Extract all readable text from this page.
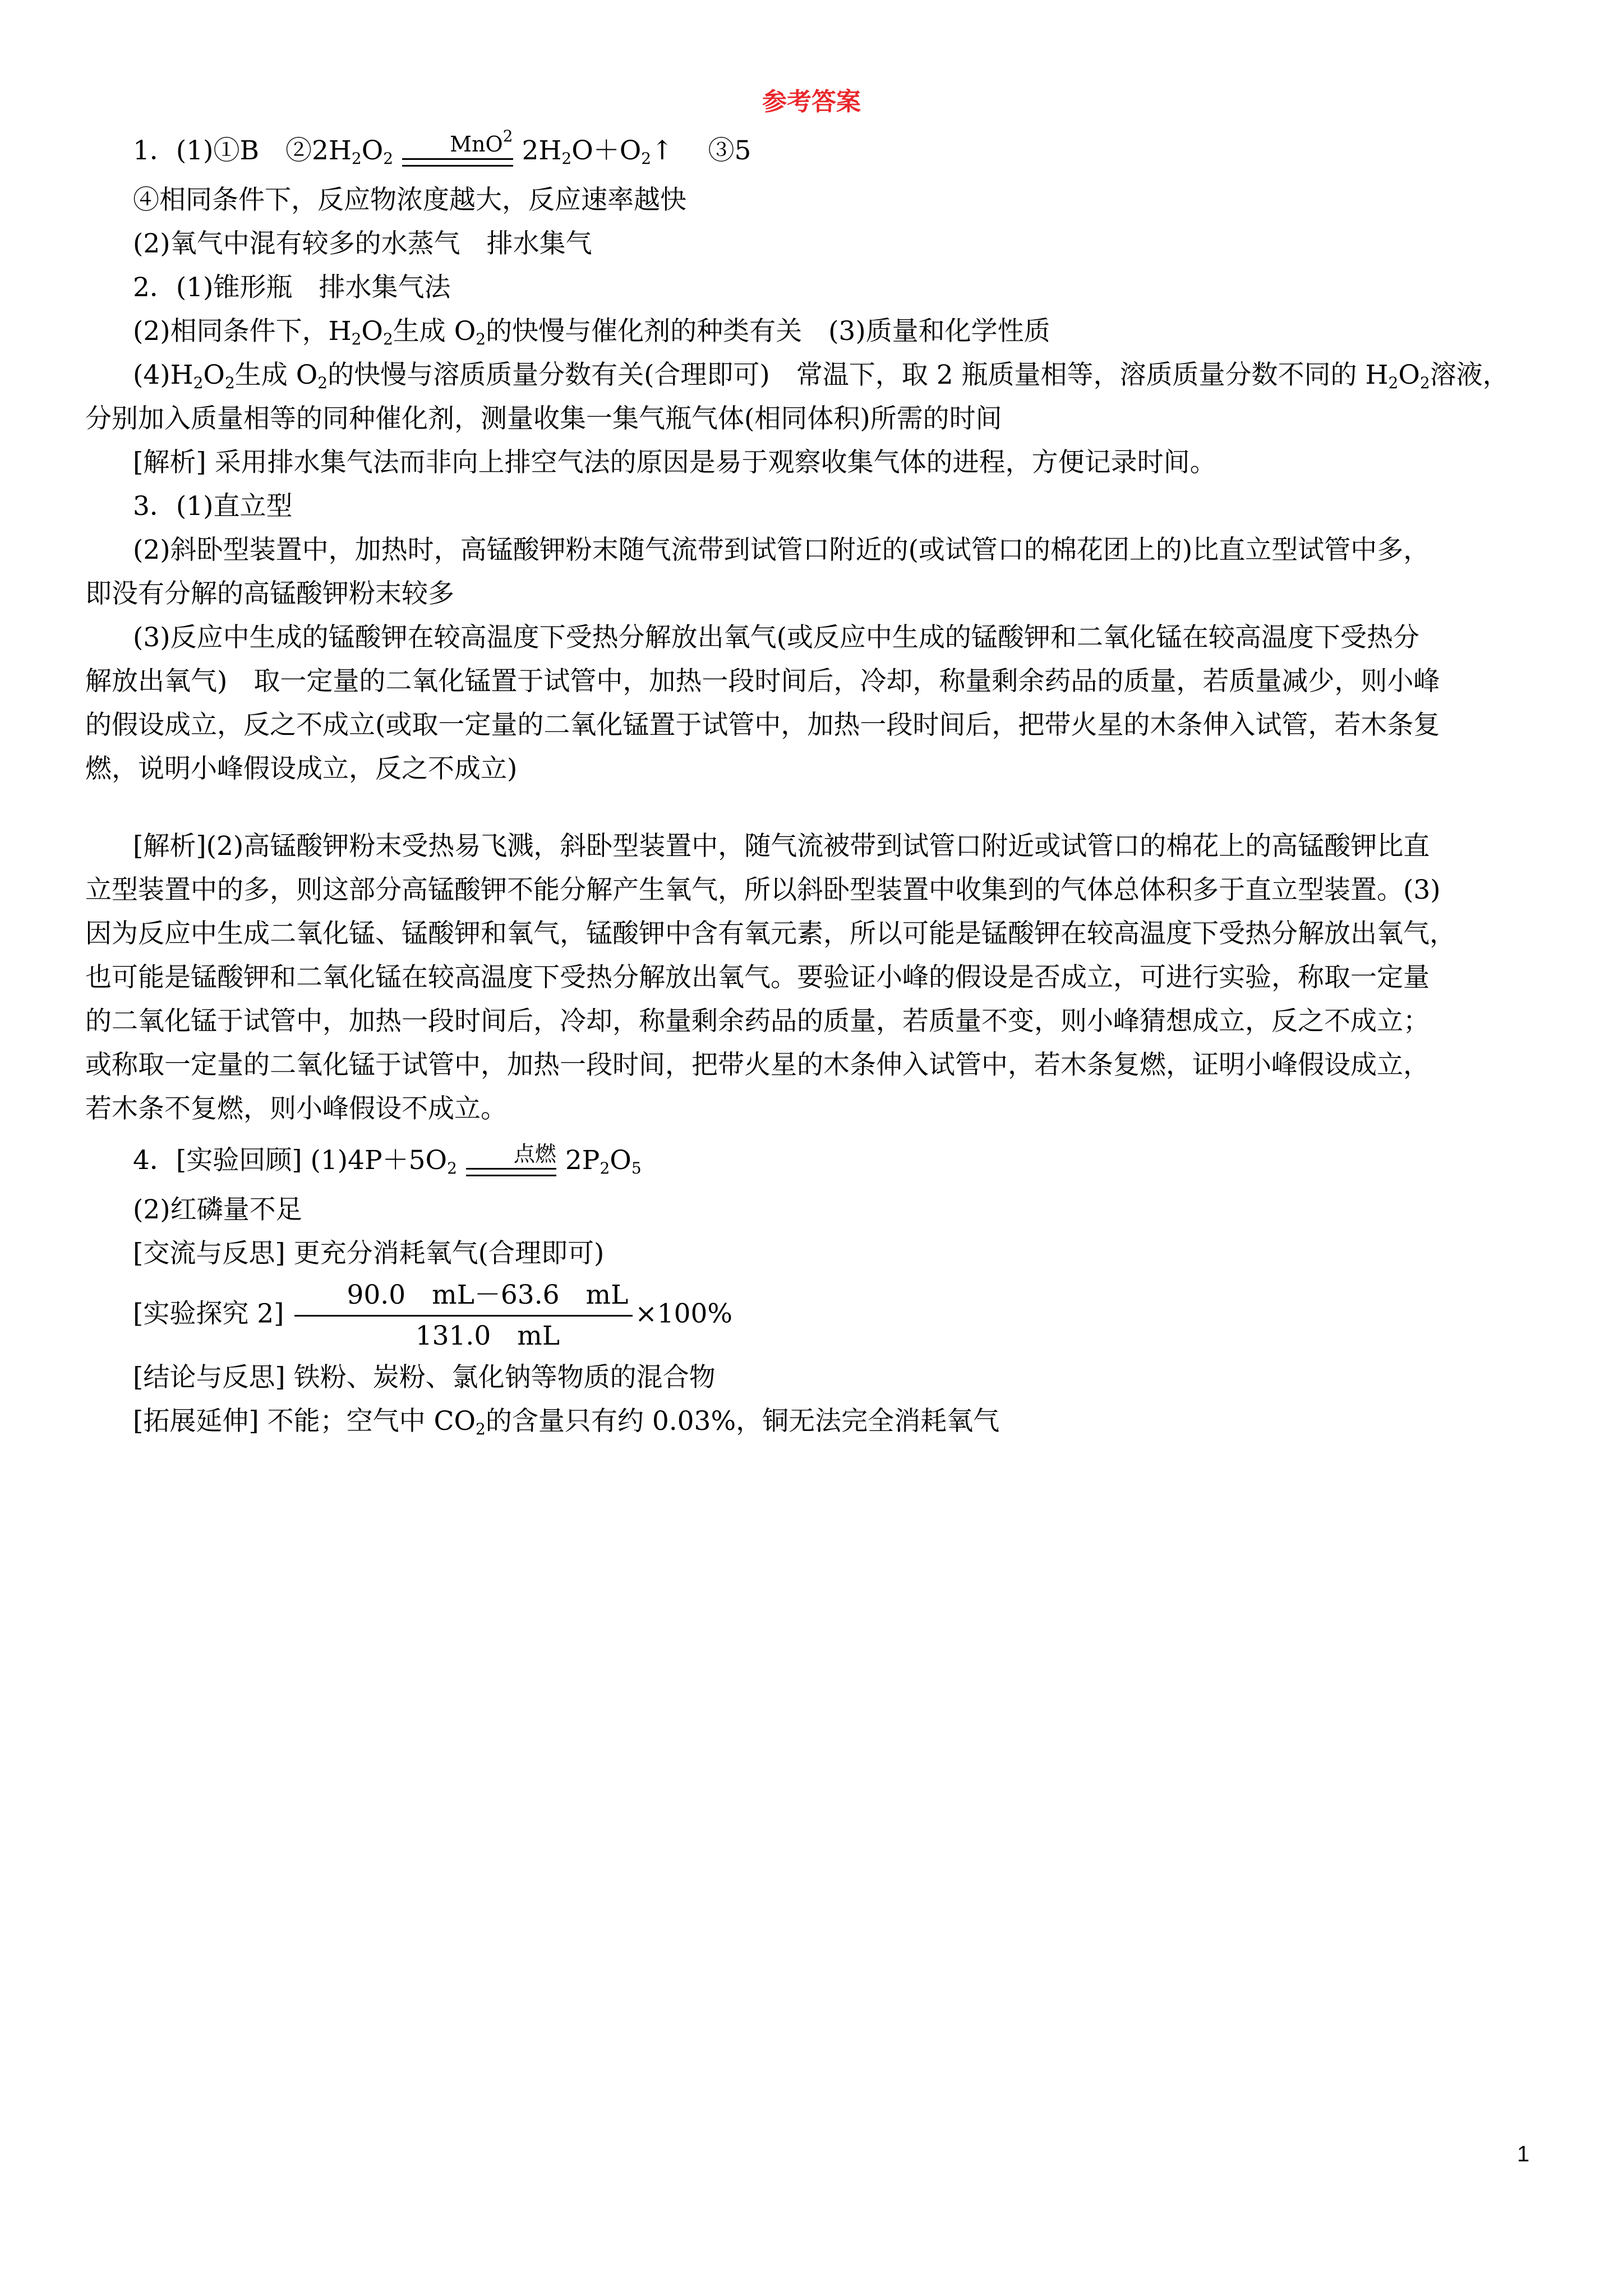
参考答案

1．(1)①B　$②2H_2O_2$
MnO$^2$ $2H_2O+O_2↑$　 ③5

④相同条件下，反应物浓度越大，反应速率越快

(2)氧气中混有较多的水蒸气　排水集气

2．(1)锥形瓶　排水集气法

(2)相同条件下，$H_2O_2$生成 $O_2$的快慢与催化剂的种类有关　(3)质量和化学性质

$(4)H_2O_2$生成 $O_2$的快慢与溶质质量分数有关(合理即可)　常温下，取 2 瓶质量相等，溶质质量分数不同的 $H_2O_2$溶液，

分别加入质量相等的同种催化剂，测量收集一集气瓶气体(相同体积)所需的时间

[解析] 采用排水集气法而非向上排空气法的原因是易于观察收集气体的进程，方便记录时间。

3．(1)直立型

(2)斜卧型装置中，加热时，高锰酸钾粉末随气流带到试管口附近的(或试管口的棉花团上的)比直立型试管中多，

即没有分解的高锰酸钾粉末较多

(3)反应中生成的锰酸钾在较高温度下受热分解放出氧气(或反应中生成的锰酸钾和二氧化锰在较高温度下受热分

解放出氧气)　取一定量的二氧化锰置于试管中，加热一段时间后，冷却，称量剩余药品的质量，若质量减少，则小峰

的假设成立，反之不成立(或取一定量的二氧化锰置于试管中，加热一段时间后，把带火星的木条伸入试管，若木条复

燃，说明小峰假设成立，反之不成立)

[解析](2)高锰酸钾粉末受热易飞溅，斜卧型装置中，随气流被带到试管口附近或试管口的棉花上的高锰酸钾比直

立型装置中的多，则这部分高锰酸钾不能分解产生氧气，所以斜卧型装置中收集到的气体总体积多于直立型装置。(3)

因为反应中生成二氧化锰、锰酸钾和氧气，锰酸钾中含有氧元素，所以可能是锰酸钾在较高温度下受热分解放出氧气，

也可能是锰酸钾和二氧化锰在较高温度下受热分解放出氧气。要验证小峰的假设是否成立，可进行实验，称取一定量

的二氧化锰于试管中，加热一段时间后，冷却，称量剩余药品的质量，若质量不变，则小峰猜想成立，反之不成立；

或称取一定量的二氧化锰于试管中，加热一段时间，把带火星的木条伸入试管中，若木条复燃，证明小峰假设成立，

若木条不复燃，则小峰假设不成立。

4．[实验回顾] $(1)4P+5O_2$
点燃 $2P_2O_5$

(2)红磷量不足

[交流与反思] 更充分消耗氧气(合理即可)

[实验探究 $2] \frac{90.0 mL-63.6 mL}{131.0 mL} \times 100\%$

[结论与反思] 铁粉、炭粉、氯化钠等物质的混合物

[拓展延伸] 不能；空气中 $CO_2$的含量只有约 0.03%，铜无法完全消耗氧气

1
